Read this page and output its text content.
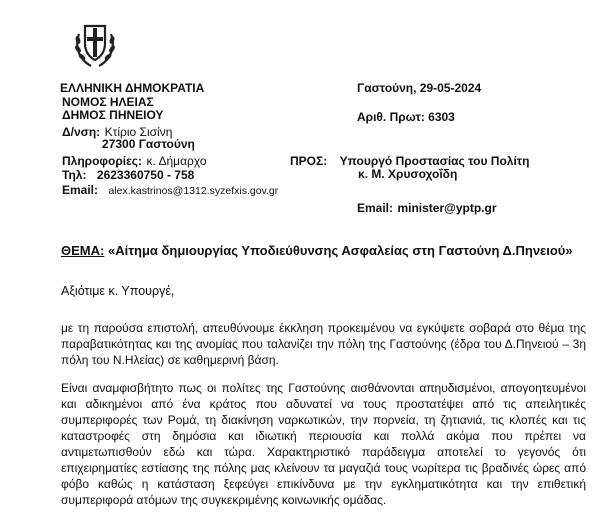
ΕΛΛΗΝΙΚΗ ΔΗΜΟΚΡΑΤΙΑ
ΝΟΜΟΣ ΗΛΕΙΑΣ
ΔΗΜΟΣ ΠΗΝΕΙΟΥ
Δ/νση: Κτίριο Σισίνη
27300 Γαστούνη
Πληροφορίες: κ. Δήμαρχο
Τηλ: 2623360750 - 758
Email: alex.kastrinos@1312.syzefxis.gov.gr
Γαστούνη, 29-05-2024
Αριθ. Πρωτ: 6303
ΠΡΟΣ: Υπουργό Προστασίας του Πολίτη
κ. Μ. Χρυσοχοΐδη
Email: minister@yptp.gr
ΘΕΜΑ: «Αίτημα δημιουργίας Υποδιεύθυνσης Ασφαλείας στη Γαστούνη Δ.Πηνειού»
Αξιότιμε κ. Υπουργέ,
με τη παρούσα επιστολή, απευθύνουμε έκκληση προκειμένου να εγκύψετε σοβαρά στο θέμα της παραβατικότητας και της ανομίας που ταλανίζει την πόλη της Γαστούνης (έδρα του Δ.Πηνειού – 3η πόλη του Ν.Ηλείας) σε καθημερινή βάση.
Είναι αναμφισβήτητο πως οι πολίτες της Γαστούνης αισθάνονται απηυδισμένοι, απογοητευμένοι και αδικημένοι από ένα κράτος που αδυνατεί να τους προστατέψει από τις απειλητικές συμπεριφορές των Ρομά, τη διακίνηση ναρκωτικών, την πορνεία, τη ζητιανιά, τις κλοπές και τις καταστροφές στη δημόσια και ιδιωτική περιουσία και πολλά ακόμα που πρέπει να αντιμετωπισθούν εδώ και τώρα. Χαρακτηριστικό παράδειγμα αποτελεί το γεγονός ότι επιχειρηματίες εστίασης της πόλης μας κλείνουν τα μαγαζιά τους νωρίτερα τις βραδινές ώρες από φόβο καθώς η κατάσταση ξεφεύγει επικίνδυνα με την εγκληματικότητα και την επιθετική συμπεριφορά ατόμων της συγκεκριμένης κοινωνικής ομάδας.
